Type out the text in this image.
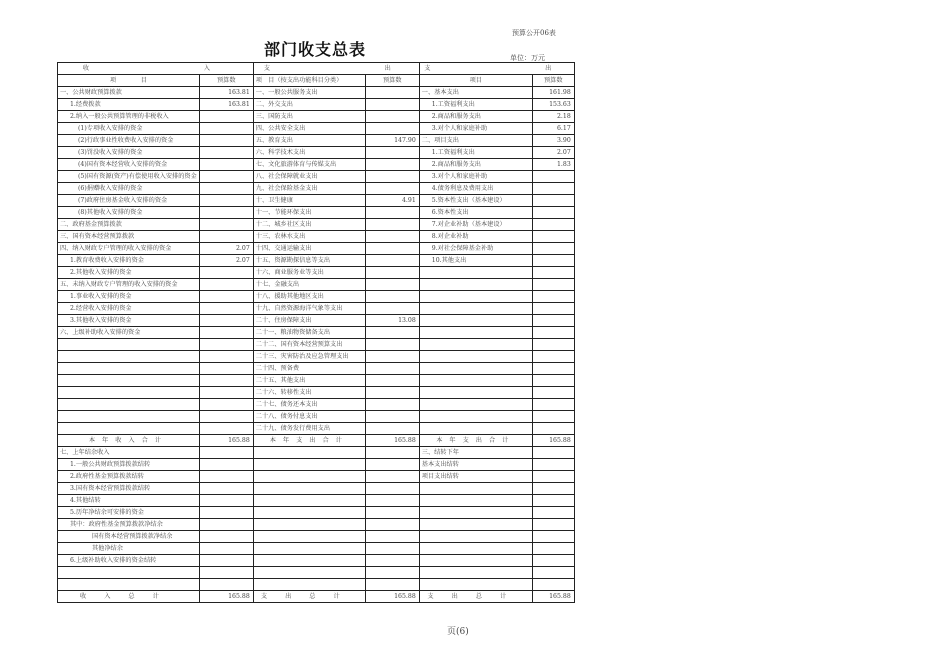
预算公开06表
部门收支总表	单位：万元
收　　　　入		支　　　　出		支　　　　出	
项　　　　目	预算数	项　目（按支出功能科目分类）	预算数	项目	预算数
一、公共财政预算拨款	163.81	一、一般公共服务支出		一、基本支出	161.98
1.经费拨款	163.81	二、外交支出		1.工资福利支出	153.63
2.纳入一般公共预算管理的非税收入		三、国防支出		2.商品和服务支出	2.18
(1)专项收入安排的资金		四、公共安全支出		3.对个人和家庭补助	6.17
(2)行政事业性收费收入安排的资金		五、教育支出	147.90	二、项目支出	3.90
(3)罚没收入安排的资金		六、科学技术支出		1.工资福利支出	2.07
(4)国有资本经营收入安排的资金		七、文化旅游体育与传媒支出		2.商品和服务支出	1.83
(5)国有资源(资产)有偿使用收入安排的资金		八、社会保障就业支出		3.对个人和家庭补助	
(6)捐赠收入安排的资金		九、社会保险基金支出		4.债务利息及费用支出	
(7)政府住房基金收入安排的资金		十、卫生健康	4.91	5.资本性支出（基本建设）	
(8)其他收入安排的资金		十一、节能环保支出		6.资本性支出	
二、政府基金预算拨款		十二、城乡社区支出		7.对企业补助（基本建设）	
三、国有资本经营预算拨款		十三、农林水支出		8.对企业补助	
四、纳入财政专户管理的收入安排的资金	2.07	十四、交通运输支出		9.对社会保障基金补助	
1.教育收费收入安排的资金	2.07	十五、资源勘探信息等支出		10.其他支出	
2.其他收入安排的资金		十六、商业服务业等支出			
五、未纳入财政专户管理的收入安排的资金		十七、金融支出			
1.事业收入安排的资金		十八、援助其他地区支出			
2.经营收入安排的资金		十九、自然资源海洋气象等支出			
3.其他收入安排的资金		二十、住房保障支出	13.08		
六、上级补助收入安排的资金		二十一、粮油物资储备支出			
		二十二、国有资本经营预算支出			
		二十三、灾害防治及应急管理支出			
		二十四、预备费			
		二十五、其他支出			
		二十六、转移性支出			
		二十七、债务还本支出			
		二十八、债务付息支出			
		二十九、债务发行费用支出			
本年收入合计	165.88	本年支出合计	165.88	本年支出合计	165.88
七、上年结余收入				三、结转下年	
1.一般公共财政预算拨款结转				基本支出结转	
2.政府性基金预算拨款结转				项目支出结转	
3.国有资本经营预算拨款结转					
4.其他结转					
5.历年净结余可安排的资金					
其中：政府性基金预算拨款净结余					
国有资本经营预算拨款净结余					
其他净结余					
6.上级补助收入安排的资金结转					

收入总计	165.88	支出总计	165.88	支出总计	165.88
页(6)
